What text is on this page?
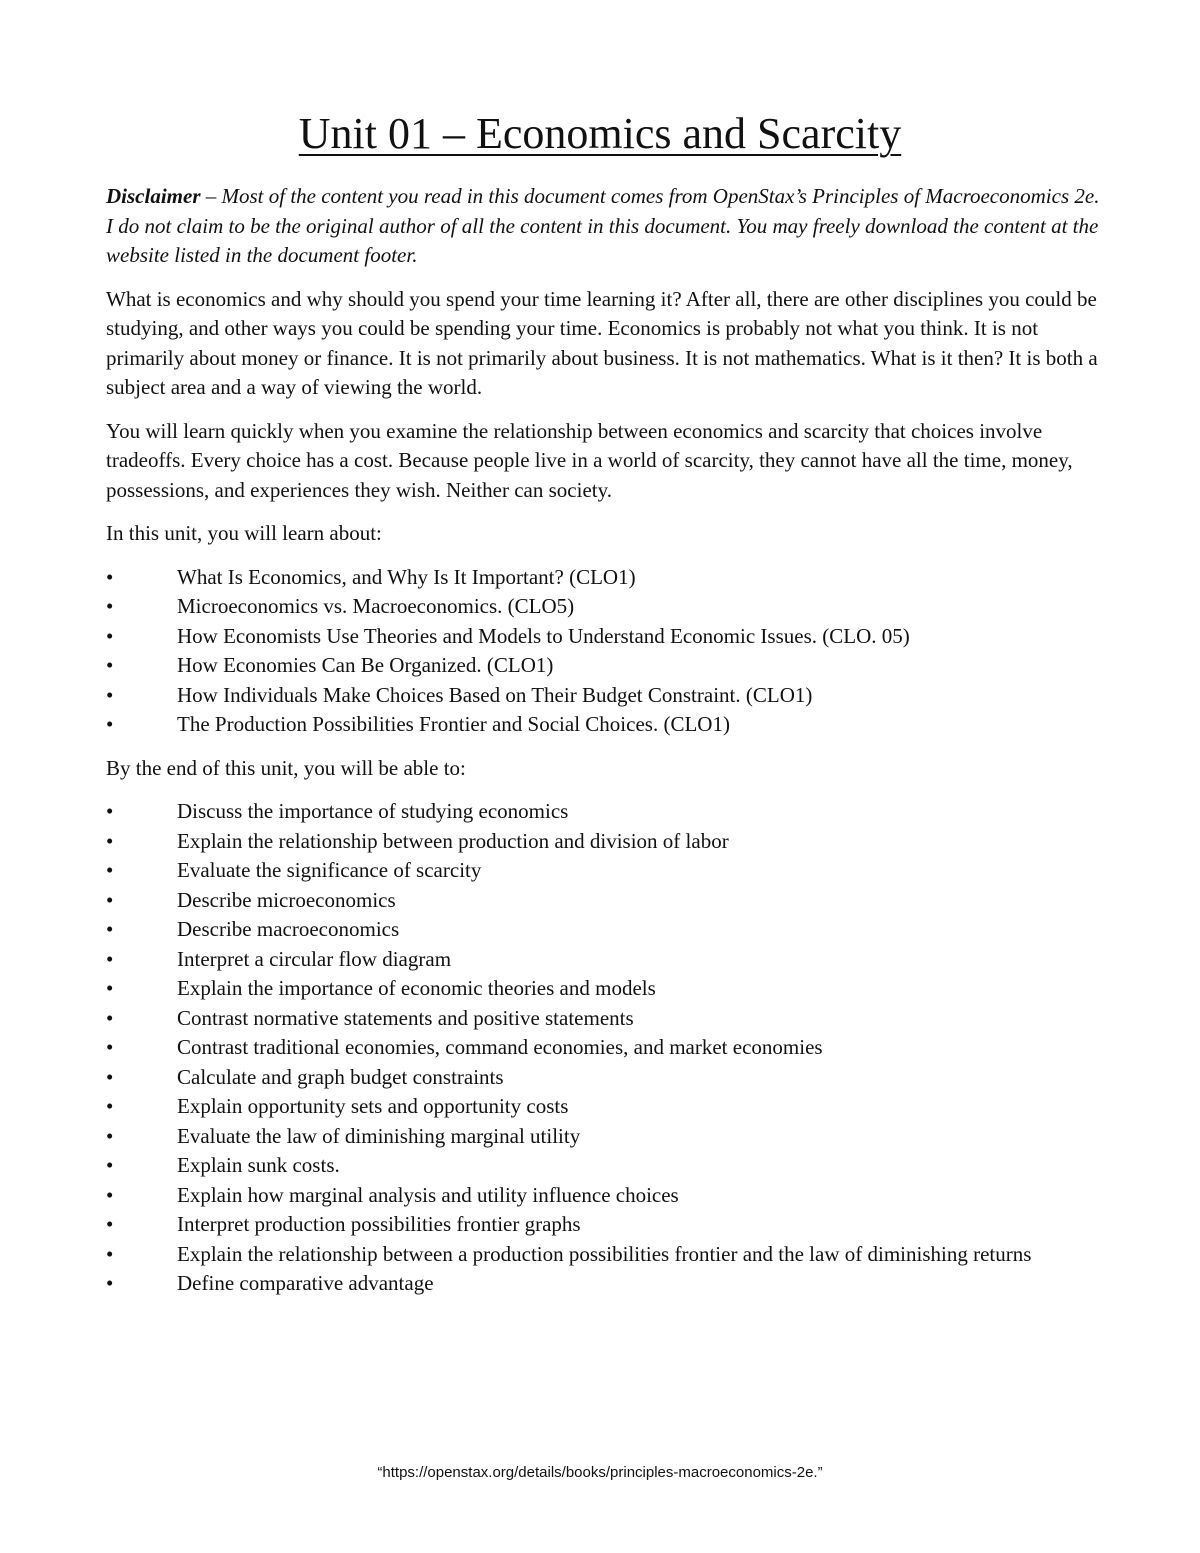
Unit 01 – Economics and Scarcity

Disclaimer – Most of the content you read in this document comes from OpenStax’s Principles of Macroeconomics 2e. I do not claim to be the original author of all the content in this document. You may freely download the content at the website listed in the document footer.

What is economics and why should you spend your time learning it? After all, there are other disciplines you could be studying, and other ways you could be spending your time. Economics is probably not what you think. It is not primarily about money or finance. It is not primarily about business. It is not mathematics. What is it then? It is both a subject area and a way of viewing the world.

You will learn quickly when you examine the relationship between economics and scarcity that choices involve tradeoffs. Every choice has a cost. Because people live in a world of scarcity, they cannot have all the time, money, possessions, and experiences they wish. Neither can society.

In this unit, you will learn about:

•	What Is Economics, and Why Is It Important? (CLO1)
•	Microeconomics vs. Macroeconomics. (CLO5)
•	How Economists Use Theories and Models to Understand Economic Issues. (CLO. 05)
•	How Economies Can Be Organized. (CLO1)
•	How Individuals Make Choices Based on Their Budget Constraint. (CLO1)
•	The Production Possibilities Frontier and Social Choices. (CLO1)

By the end of this unit, you will be able to:

•	Discuss the importance of studying economics
•	Explain the relationship between production and division of labor
•	Evaluate the significance of scarcity
•	Describe microeconomics
•	Describe macroeconomics
•	Interpret a circular flow diagram
•	Explain the importance of economic theories and models
•	Contrast normative statements and positive statements
•	Contrast traditional economies, command economies, and market economies
•	Calculate and graph budget constraints
•	Explain opportunity sets and opportunity costs
•	Evaluate the law of diminishing marginal utility
•	Explain sunk costs.
•	Explain how marginal analysis and utility influence choices
•	Interpret production possibilities frontier graphs
•	Explain the relationship between a production possibilities frontier and the law of diminishing returns
•	Define comparative advantage
“https://openstax.org/details/books/principles-macroeconomics-2e.”
